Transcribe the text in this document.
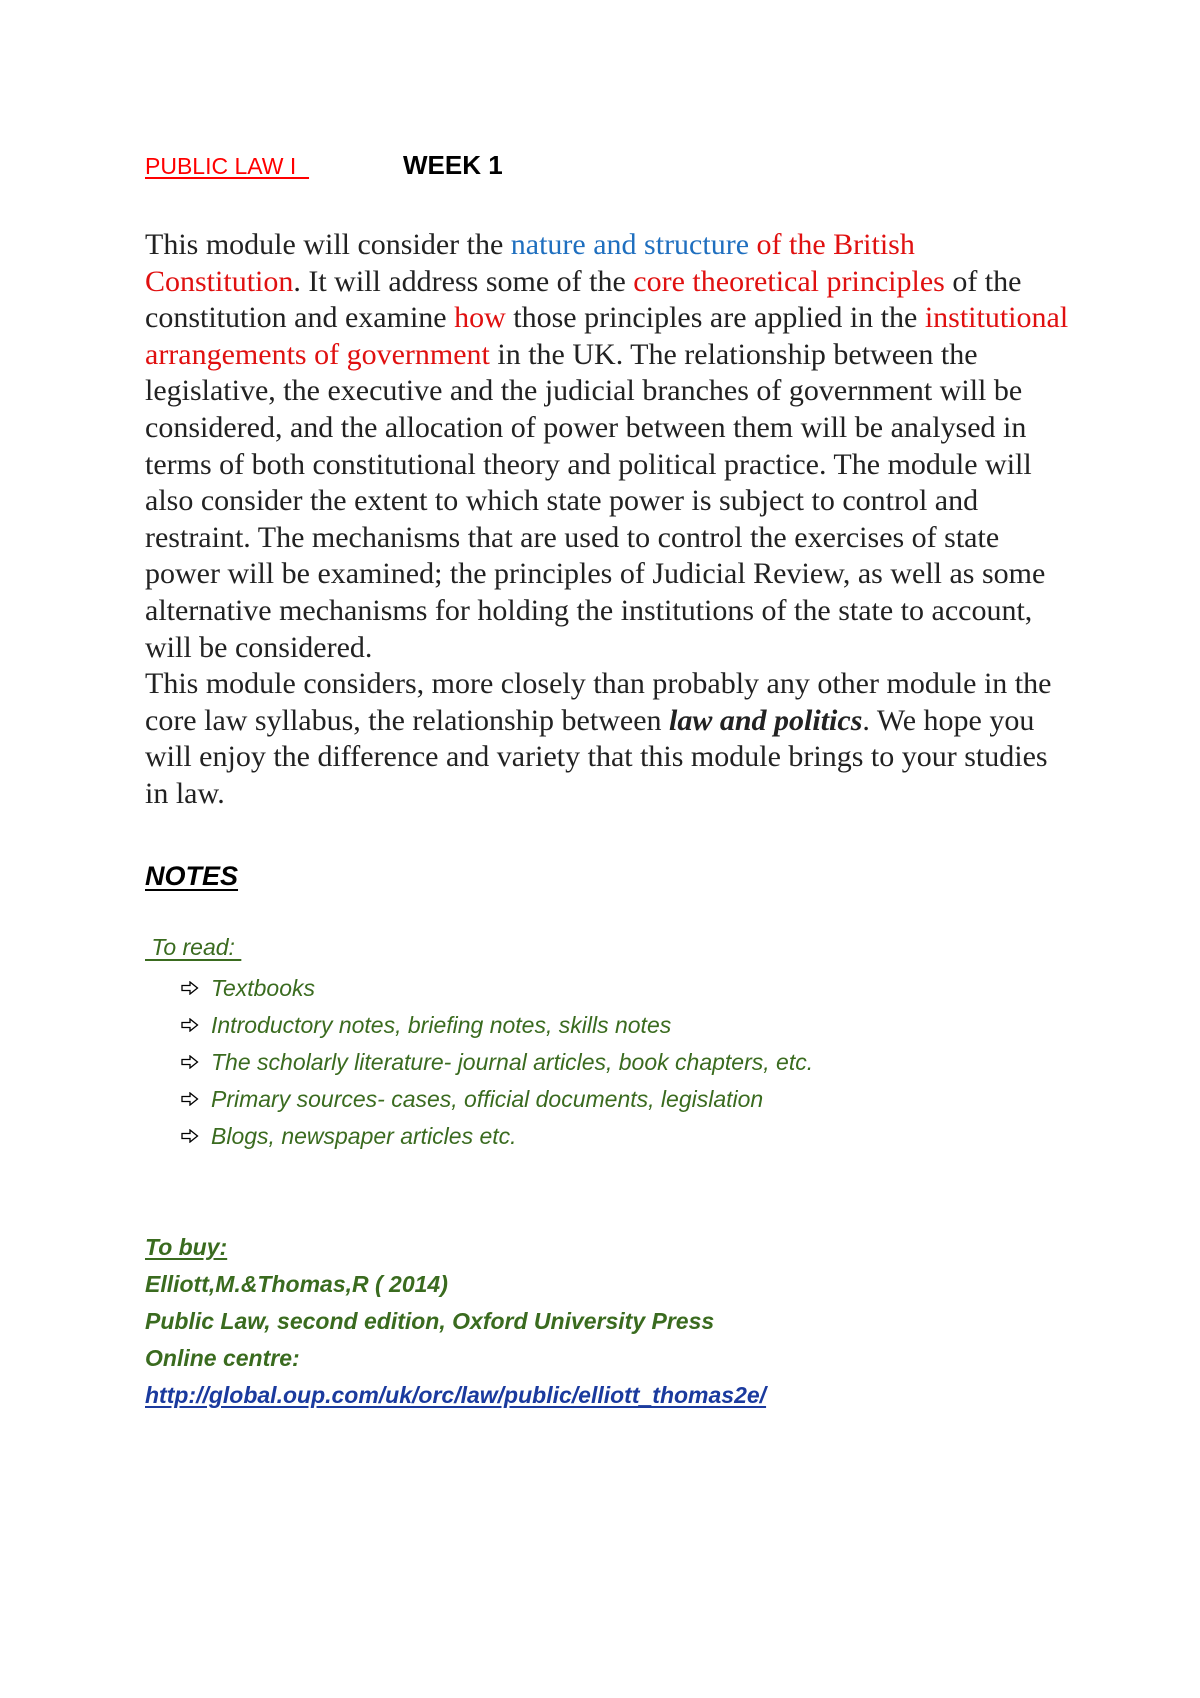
PUBLIC LAW I	WEEK 1

This module will consider the nature and structure of the British Constitution. It will address some of the core theoretical principles of the constitution and examine how those principles are applied in the institutional arrangements of government in the UK. The relationship between the legislative, the executive and the judicial branches of government will be considered, and the allocation of power between them will be analysed in terms of both constitutional theory and political practice. The module will also consider the extent to which state power is subject to control and restraint. The mechanisms that are used to control the exercises of state power will be examined; the principles of Judicial Review, as well as some alternative mechanisms for holding the institutions of the state to account, will be considered.

This module considers, more closely than probably any other module in the core law syllabus, the relationship between law and politics. We hope you will enjoy the difference and variety that this module brings to your studies in law.

NOTES
To read:
Textbooks
Introductory notes, briefing notes, skills notes
The scholarly literature- journal articles, book chapters, etc.
Primary sources- cases, official documents, legislation
Blogs, newspaper articles etc.
To buy:
Elliott,M.&Thomas,R ( 2014)
Public Law, second edition, Oxford University Press
Online centre:
http://global.oup.com/uk/orc/law/public/elliott_thomas2e/
